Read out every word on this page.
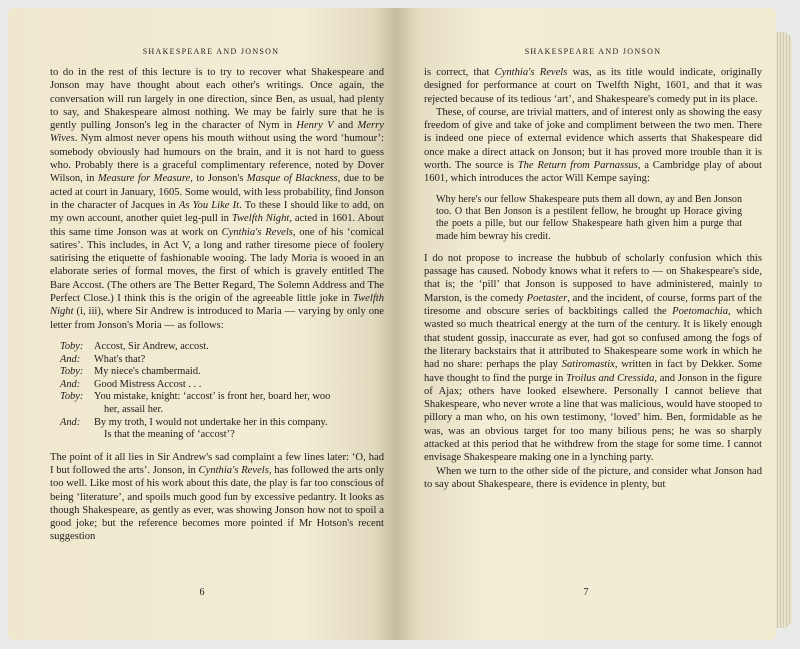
SHAKESPEARE AND JONSON

to do in the rest of this lecture is to try to recover what Shakespeare and Jonson may have thought about each other's writings. Once again, the conversation will run largely in one direction, since Ben, as usual, had plenty to say, and Shakespeare almost nothing. We may be fairly sure that he is gently pulling Jonson's leg in the character of Nym in Henry V and Merry Wives. Nym almost never opens his mouth without using the word ‘humour’: somebody obviously had humours on the brain, and it is not hard to guess who. Probably there is a graceful complimentary reference, noted by Dover Wilson, in Measure for Measure, to Jonson's Masque of Blackness, due to be acted at court in January, 1605. Some would, with less probability, find Jonson in the character of Jacques in As You Like It. To these I should like to add, on my own account, another quiet leg-pull in Twelfth Night, acted in 1601. About this same time Jonson was at work on Cynthia's Revels, one of his ‘comical satires’. This includes, in Act V, a long and rather tiresome piece of foolery satirising the etiquette of fashionable wooing. The lady Moria is wooed in an elaborate series of formal moves, the first of which is gravely entitled The Bare Accost. (The others are The Better Regard, The Solemn Address and The Perfect Close.) I think this is the origin of the agreeable little joke in Twelfth Night (i, iii), where Sir Andrew is introduced to Maria — varying by only one letter from Jonson's Moria — as follows:

Toby:	Accost, Sir Andrew, accost.
And:	What's that?
Toby:	My niece's chambermaid.
And:	Good Mistress Accost . . .
Toby:	You mistake, knight: ‘accost’ is front her, board her, woo
her, assail her.
And:	By my troth, I would not undertake her in this company.
Is that the meaning of ‘accost’?

The point of it all lies in Sir Andrew's sad complaint a few lines later: ‘O, had I but followed the arts’. Jonson, in Cynthia's Revels, has followed the arts only too well. Like most of his work about this date, the play is far too conscious of being ‘literature’, and spoils much good fun by excessive pedantry. It looks as though Shakespeare, as gently as ever, was showing Jonson how not to spoil a good joke; but the reference becomes more pointed if Mr Hotson's recent suggestion

6
SHAKESPEARE AND JONSON

is correct, that Cynthia's Revels was, as its title would indicate, originally designed for performance at court on Twelfth Night, 1601, and that it was rejected because of its tedious ‘art’, and Shakespeare's comedy put in its place.

These, of course, are trivial matters, and of interest only as showing the easy freedom of give and take of joke and compliment between the two men. There is indeed one piece of external evidence which asserts that Shakespeare did once make a direct attack on Jonson; but it has proved more trouble than it is worth. The source is The Return from Parnassus, a Cambridge play of about 1601, which introduces the actor Will Kempe saying:

Why here's our fellow Shakespeare puts them all down, ay and Ben Jonson too. O that Ben Jonson is a pestilent fellow, he brought up Horace giving the poets a pille, but our fellow Shakespeare hath given him a purge that made him bewray his credit.

I do not propose to increase the hubbub of scholarly confusion which this passage has caused. Nobody knows what it refers to — on Shakespeare's side, that is; the ‘pill’ that Jonson is supposed to have administered, mainly to Marston, is the comedy Poetaster, and the incident, of course, forms part of the tiresome and obscure series of backbitings called the Poetomachia, which wasted so much theatrical energy at the turn of the century. It is likely enough that student gossip, inaccurate as ever, had got so confused among the fogs of the literary backstairs that it attributed to Shakespeare some work in which he had no share: perhaps the play Satiromastix, written in fact by Dekker. Some have thought to find the purge in Troilus and Cressida, and Jonson in the figure of Ajax; others have looked elsewhere. Personally I cannot believe that Shakespeare, who never wrote a line that was malicious, would have stooped to pillory a man who, on his own testimony, ‘loved’ him. Ben, formidable as he was, was an obvious target for too many bilious pens; he was so sharply attacked at this period that he withdrew from the stage for some time. I cannot envisage Shakespeare making one in a lynching party.

When we turn to the other side of the picture, and consider what Jonson had to say about Shakespeare, there is evidence in plenty, but

7
